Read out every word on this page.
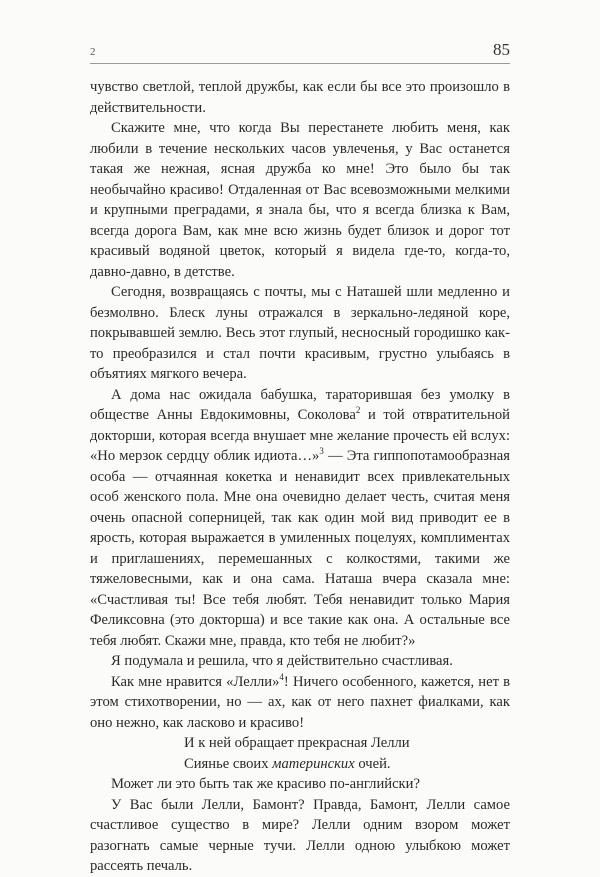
2	85

чувство светлой, теплой дружбы, как если бы все это произошло в действительности.

Скажите мне, что когда Вы перестанете любить меня, как любили в течение нескольких часов увлеченья, у Вас останется такая же нежная, ясная дружба ко мне! Это было бы так необычайно красиво! Отдаленная от Вас всевозможными мелкими и крупными преградами, я знала бы, что я всегда близка к Вам, всегда дорога Вам, как мне всю жизнь будет близок и дорог тот красивый водяной цветок, который я видела где-то, когда-то, давно-давно, в детстве.

Сегодня, возвращаясь с почты, мы с Наташей шли медленно и безмолвно. Блеск луны отражался в зеркально-ледяной коре, покрывавшей землю. Весь этот глупый, несносный городишко как-то преобразился и стал почти красивым, грустно улыбаясь в объятиях мягкого вечера.

А дома нас ожидала бабушка, тараторившая без умолку в обществе Анны Евдокимовны, Соколова$^2$ и той отвратительной докторши, которая всегда внушает мне желание прочесть ей вслух: «Но мерзок сердцу облик идиота…»$^3$ — Эта гиппопотамообразная особа — отчаянная кокетка и ненавидит всех привлекательных особ женского пола. Мне она очевидно делает честь, считая меня очень опасной соперницей, так как один мой вид приводит ее в ярость, которая выражается в умиленных поцелуях, комплиментах и приглашениях, перемешанных с колкостями, такими же тяжеловесными, как и она сама. Наташа вчера сказала мне: «Счастливая ты! Все тебя любят. Тебя ненавидит только Мария Феликсовна (это докторша) и все такие как она. А остальные все тебя любят. Скажи мне, правда, кто тебя не любит?»

Я подумала и решила, что я действительно счастливая.

Как мне нравится «Лелли»$^4$! Ничего особенного, кажется, нет в этом стихотворении, но — ах, как от него пахнет фиалками, как оно нежно, как ласково и красиво!

И к ней обращает прекрасная Лелли
Сиянье своих материнских очей.

Может ли это быть так же красиво по-английски?

У Вас были Лелли, Бамонт? Правда, Бамонт, Лелли самое счастливое существо в мире? Лелли одним взором может разогнать самые черные тучи. Лелли одною улыбкою может рассеять печаль.
